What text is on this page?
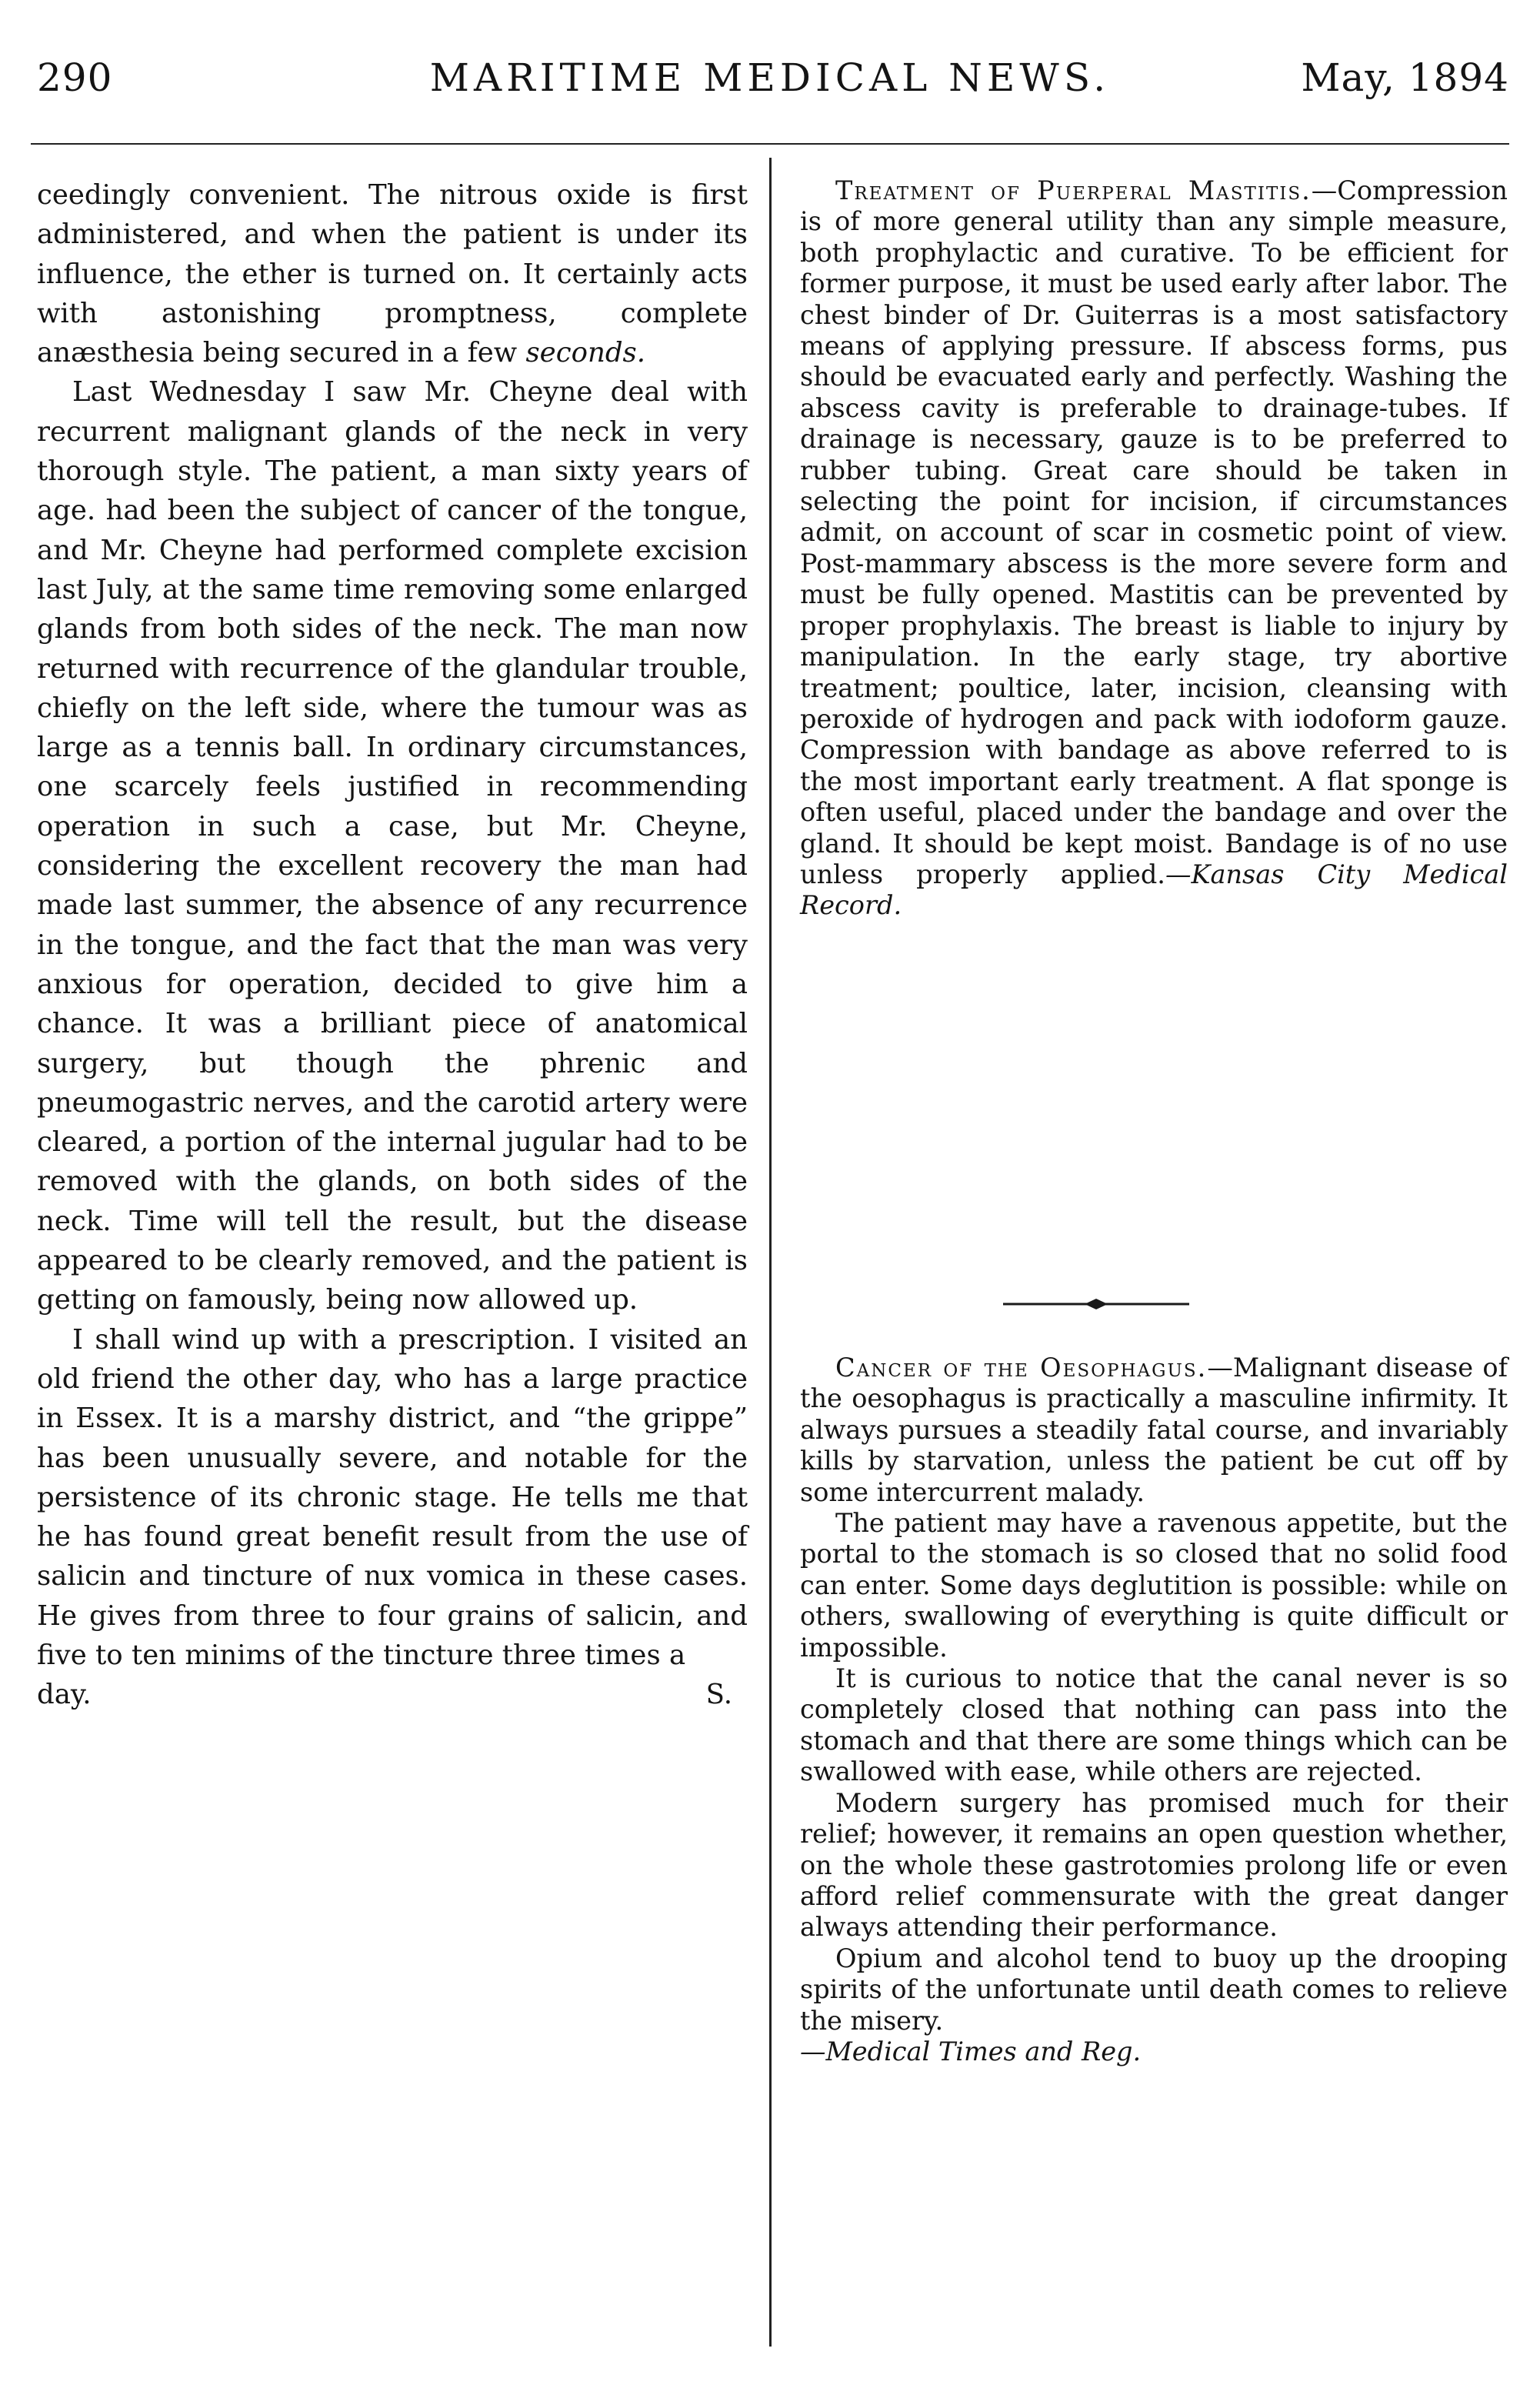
290	MARITIME MEDICAL NEWS.	May, 1894

ceedingly convenient. The nitrous oxide is first administered, and when the patient is under its influence, the ether is turned on. It certainly acts with astonishing promptness, complete anæsthesia being secured in a few seconds.

Last Wednesday I saw Mr. Cheyne deal with recurrent malignant glands of the neck in very thorough style. The patient, a man sixty years of age. had been the subject of cancer of the tongue, and Mr. Cheyne had performed complete excision last July, at the same time removing some enlarged glands from both sides of the neck. The man now returned with recurrence of the glandular trouble, chiefly on the left side, where the tumour was as large as a tennis ball. In ordinary circumstances, one scarcely feels justified in recommending operation in such a case, but Mr. Cheyne, considering the excellent recovery the man had made last summer, the absence of any recurrence in the tongue, and the fact that the man was very anxious for operation, decided to give him a chance. It was a brilliant piece of anatomical surgery, but though the phrenic and pneumogastric nerves, and the carotid artery were cleared, a portion of the internal jugular had to be removed with the glands, on both sides of the neck. Time will tell the result, but the disease appeared to be clearly removed, and the patient is getting on famously, being now allowed up.

I shall wind up with a prescription. I visited an old friend the other day, who has a large practice in Essex. It is a marshy district, and “the grippe” has been unusually severe, and notable for the persistence of its chronic stage. He tells me that he has found great benefit result from the use of salicin and tincture of nux vomica in these cases. He gives from three to four grains of salicin, and five to ten minims of the tincture three times a

day.	S.

Treatment of Puerperal Mastitis.—Compression is of more general utility than any simple measure, both prophylactic and curative. To be efficient for former purpose, it must be used early after labor. The chest binder of Dr. Guiterras is a most satisfactory means of applying pressure. If abscess forms, pus should be evacuated early and perfectly. Washing the abscess cavity is preferable to drainage-tubes. If drainage is necessary, gauze is to be preferred to rubber tubing. Great care should be taken in selecting the point for incision, if circumstances admit, on account of scar in cosmetic point of view. Post-mammary abscess is the more severe form and must be fully opened. Mastitis can be prevented by proper prophylaxis. The breast is liable to injury by manipulation. In the early stage, try abortive treatment; poultice, later, incision, cleansing with peroxide of hydrogen and pack with iodoform gauze. Compression with bandage as above referred to is the most important early treatment. A flat sponge is often useful, placed under the bandage and over the gland. It should be kept moist. Bandage is of no use unless properly applied.—Kansas City Medical Record.

Cancer of the Oesophagus.—Malignant disease of the oesophagus is practically a masculine infirmity. It always pursues a steadily fatal course, and invariably kills by starvation, unless the patient be cut off by some intercurrent malady.

The patient may have a ravenous appetite, but the portal to the stomach is so closed that no solid food can enter. Some days deglutition is possible: while on others, swallowing of everything is quite difficult or impossible.

It is curious to notice that the canal never is so completely closed that nothing can pass into the stomach and that there are some things which can be swallowed with ease, while others are rejected.

Modern surgery has promised much for their relief; however, it remains an open question whether, on the whole these gastrotomies prolong life or even afford relief commensurate with the great danger always attending their performance.

Opium and alcohol tend to buoy up the drooping spirits of the unfortunate until death comes to relieve the misery.

—Medical Times and Reg.
